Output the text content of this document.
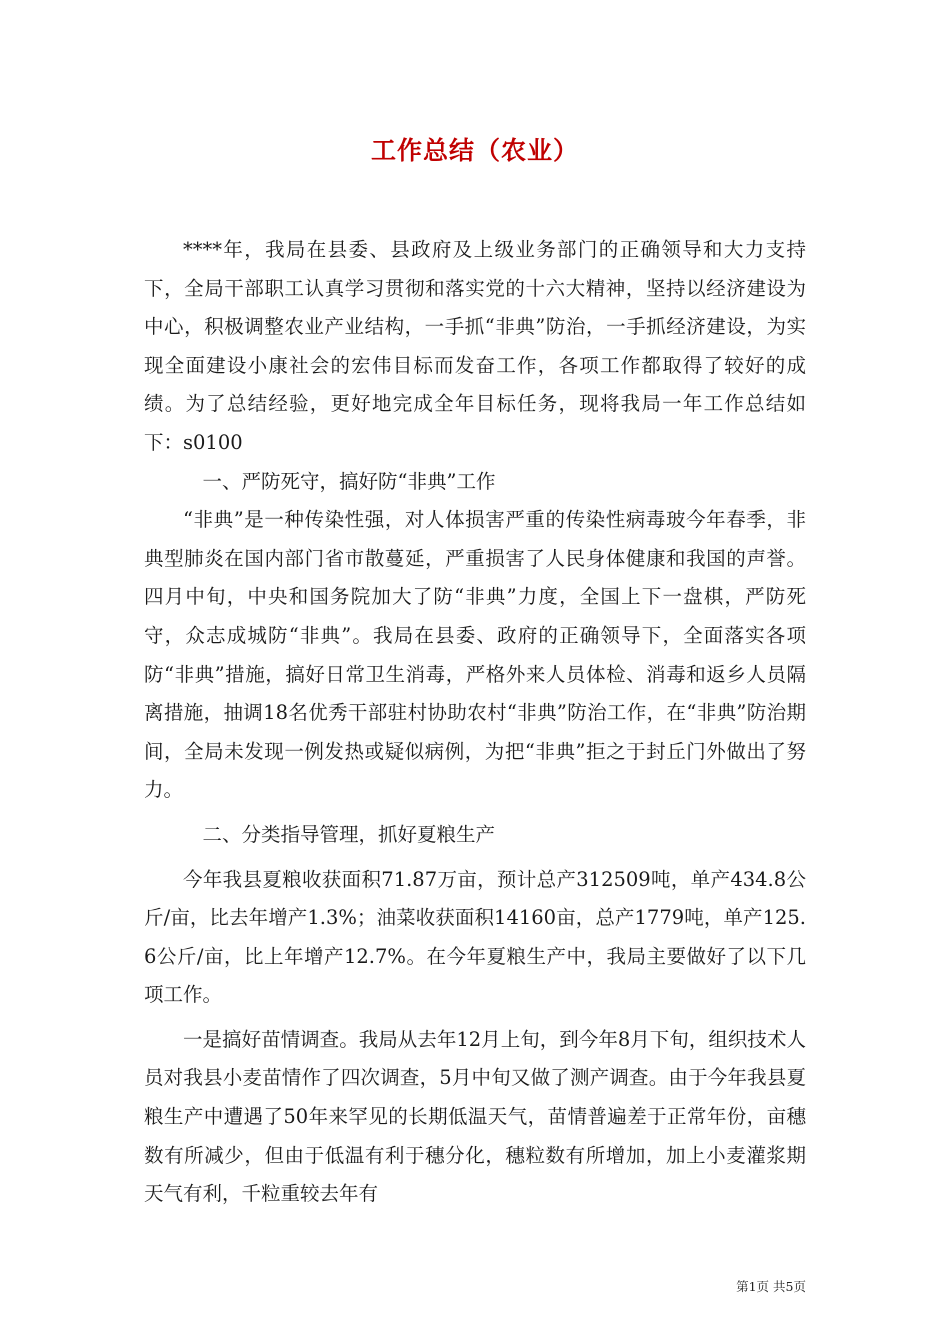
工作总结（农业）

****年，我局在县委、县政府及上级业务部门的正确领导和大力支持下，全局干部职工认真学习贯彻和落实党的十六大精神，坚持以经济建设为中心，积极调整农业产业结构，一手抓“非典”防治，一手抓经济建设，为实现全面建设小康社会的宏伟目标而发奋工作，各项工作都取得了较好的成绩。为了总结经验，更好地完成全年目标任务，现将我局一年工作总结如下：s0100

一、严防死守，搞好防“非典”工作

“非典”是一种传染性强，对人体损害严重的传染性病毒玻今年春季，非典型肺炎在国内部门省市散蔓延，严重损害了人民身体健康和我国的声誉。四月中旬，中央和国务院加大了防“非典”力度，全国上下一盘棋，严防死守，众志成城防“非典”。我局在县委、政府的正确领导下，全面落实各项防“非典”措施，搞好日常卫生消毒，严格外来人员体检、消毒和返乡人员隔离措施，抽调18名优秀干部驻村协助农村“非典”防治工作，在“非典”防治期间，全局未发现一例发热或疑似病例，为把“非典”拒之于封丘门外做出了努力。

二、分类指导管理，抓好夏粮生产

今年我县夏粮收获面积71.87万亩，预计总产312509吨，单产434.8公斤/亩，比去年增产1.3%；油菜收获面积14160亩，总产1779吨，单产125.6公斤/亩，比上年增产12.7%。在今年夏粮生产中，我局主要做好了以下几项工作。

一是搞好苗情调查。我局从去年12月上旬，到今年8月下旬，组织技术人员对我县小麦苗情作了四次调查，5月中旬又做了测产调查。由于今年我县夏粮生产中遭遇了50年来罕见的长期低温天气，苗情普遍差于正常年份，亩穗数有所减少，但由于低温有利于穗分化，穗粒数有所增加，加上小麦灌浆期天气有利，千粒重较去年有

第1页 共5页
